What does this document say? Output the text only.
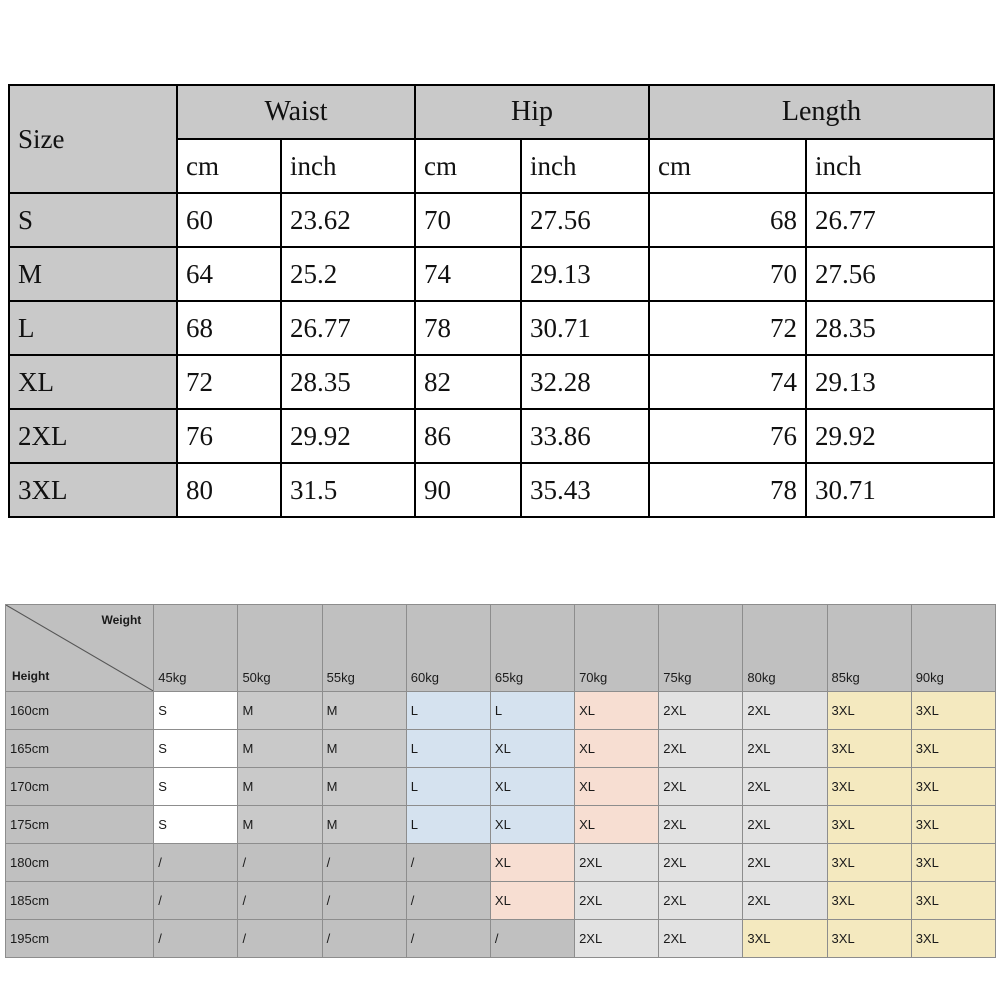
Size	Waist		Hip		Length	
	cm	inch	cm	inch	cm	inch
S	60	23.62	70	27.56	68	26.77
M	64	25.2	74	29.13	70	27.56
L	68	26.77	78	30.71	72	28.35
XL	72	28.35	82	32.28	74	29.13
2XL	76	29.92	86	33.86	76	29.92
3XL	80	31.5	90	35.43	78	30.71
Weight
Height	45kg	50kg	55kg	60kg	65kg	70kg	75kg	80kg	85kg	90kg
160cm	S	M	M	L	L	XL	2XL	2XL	3XL	3XL
165cm	S	M	M	L	XL	XL	2XL	2XL	3XL	3XL
170cm	S	M	M	L	XL	XL	2XL	2XL	3XL	3XL
175cm	S	M	M	L	XL	XL	2XL	2XL	3XL	3XL
180cm	/	/	/	/	XL	2XL	2XL	2XL	3XL	3XL
185cm	/	/	/	/	XL	2XL	2XL	2XL	3XL	3XL
195cm	/	/	/	/	/	2XL	2XL	3XL	3XL	3XL
